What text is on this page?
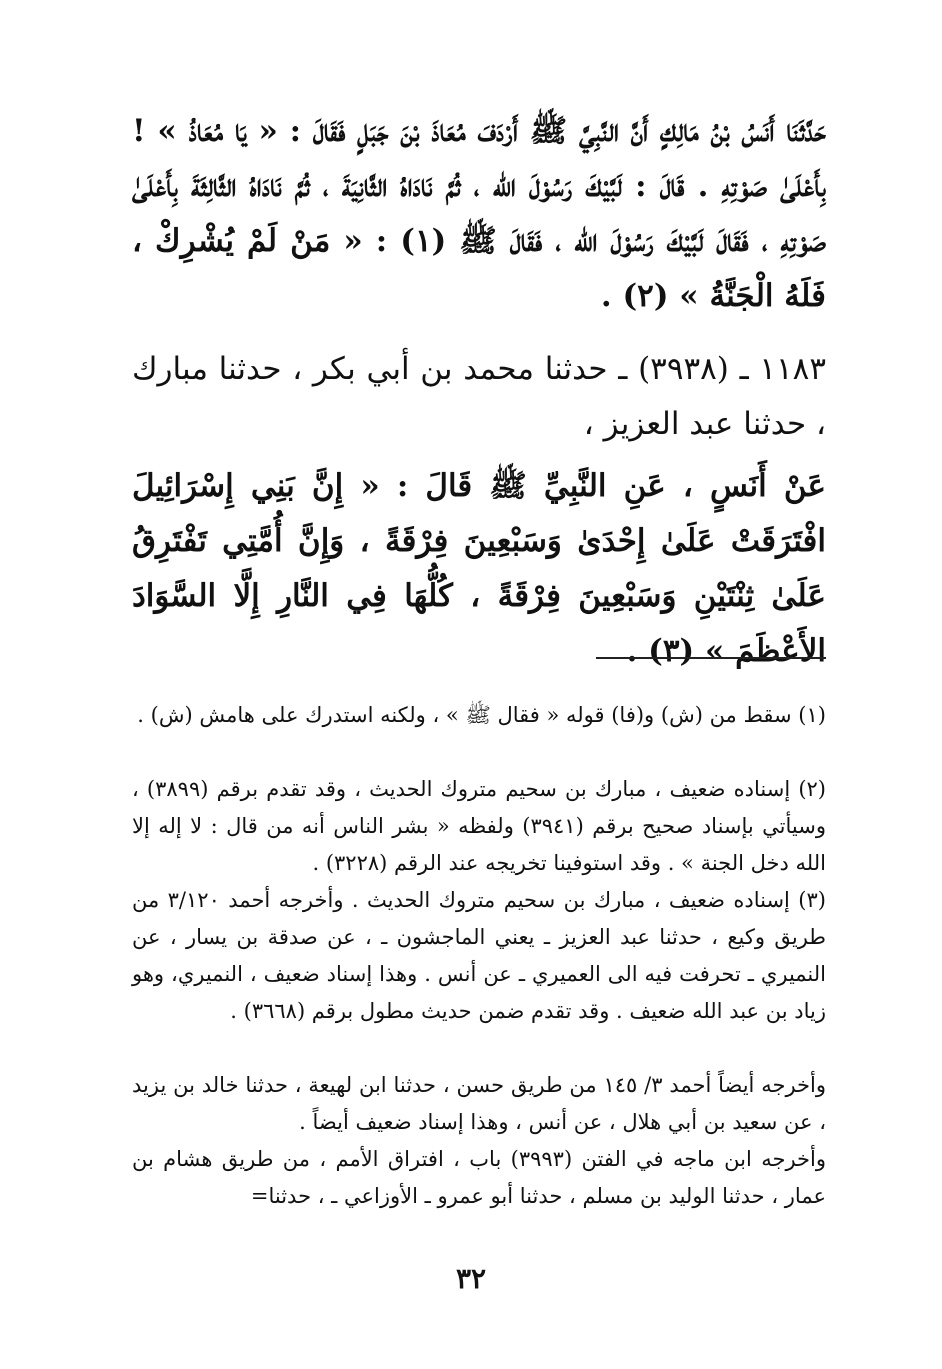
حَدَّثَنَا أَنَسُ بْنُ مَالِكٍ أَنَّ النَّبِيَّ ﷺ أَرْدَفَ مُعَاذَ بْنَ جَبَلٍ فَقَالَ : « يَا مُعَاذُ » ! بِأَعْلَىٰ صَوْتِهِ . قَالَ : لَبَّيْكَ رَسُوْلَ الله ، ثُمَّ نَادَاهُ الثَّانِيَةَ ، ثُمَّ نَادَاهُ الثَّالِثَةَ بِأَعْلَىٰ صَوْتِهِ ، فَقَالَ لَبَّيْكَ رَسُوْلَ الله ، فَقَالَ ﷺ (١) : « مَنْ لَمْ يُشْرِكْ ، فَلَهُ الْجَنَّةُ » (٢) .

١١٨٣ ـ (٣٩٣٨) ـ حدثنا محمد بن أبي بكر ، حدثنا مبارك ، حدثنا عبد العزيز ،

عَنْ أَنَسٍ ، عَنِ النَّبِيِّ ﷺ قَالَ : « إِنَّ بَنِي إِسْرَائِيلَ افْتَرَقَتْ عَلَىٰ إِحْدَىٰ وَسَبْعِينَ فِرْقَةً ، وَإِنَّ أُمَّتِي تَفْتَرِقُ عَلَىٰ ثِنْتَيْنِ وَسَبْعِينَ فِرْقَةً ، كُلُّهَا فِي النَّارِ إِلَّا السَّوَادَ الأَعْظَمَ » (٣) .

(١) سقط من (ش) و(فا) قوله « فقال ﷺ » ، ولكنه استدرك على هامش (ش) .

(٢) إسناده ضعيف ، مبارك بن سحيم متروك الحديث ، وقد تقدم برقم (٣٨٩٩) ، وسيأتي بإسناد صحيح برقم (٣٩٤١) ولفظه « بشر الناس أنه من قال : لا إله إلا الله دخل الجنة » . وقد استوفينا تخريجه عند الرقم (٣٢٢٨) .

(٣) إسناده ضعيف ، مبارك بن سحيم متروك الحديث . وأخرجه أحمد ٣/١٢٠ من طريق وكيع ، حدثنا عبد العزيز ـ يعني الماجشون ـ ، عن صدقة بن يسار ، عن النميري ـ تحرفت فيه الى العميري ـ عن أنس . وهذا إسناد ضعيف ، النميري، وهو زياد بن عبد الله ضعيف . وقد تقدم ضمن حديث مطول برقم (٣٦٦٨) .

وأخرجه أيضاً أحمد ٣/ ١٤٥ من طريق حسن ، حدثنا ابن لهيعة ، حدثنا خالد بن يزيد ، عن سعيد بن أبي هلال ، عن أنس ، وهذا إسناد ضعيف أيضاً .

وأخرجه ابن ماجه في الفتن (٣٩٩٣) باب ، افتراق الأمم ، من طريق هشام بن عمار ، حدثنا الوليد بن مسلم ، حدثنا أبو عمرو ـ الأوزاعي ـ ، حدثنا=

٣٢
